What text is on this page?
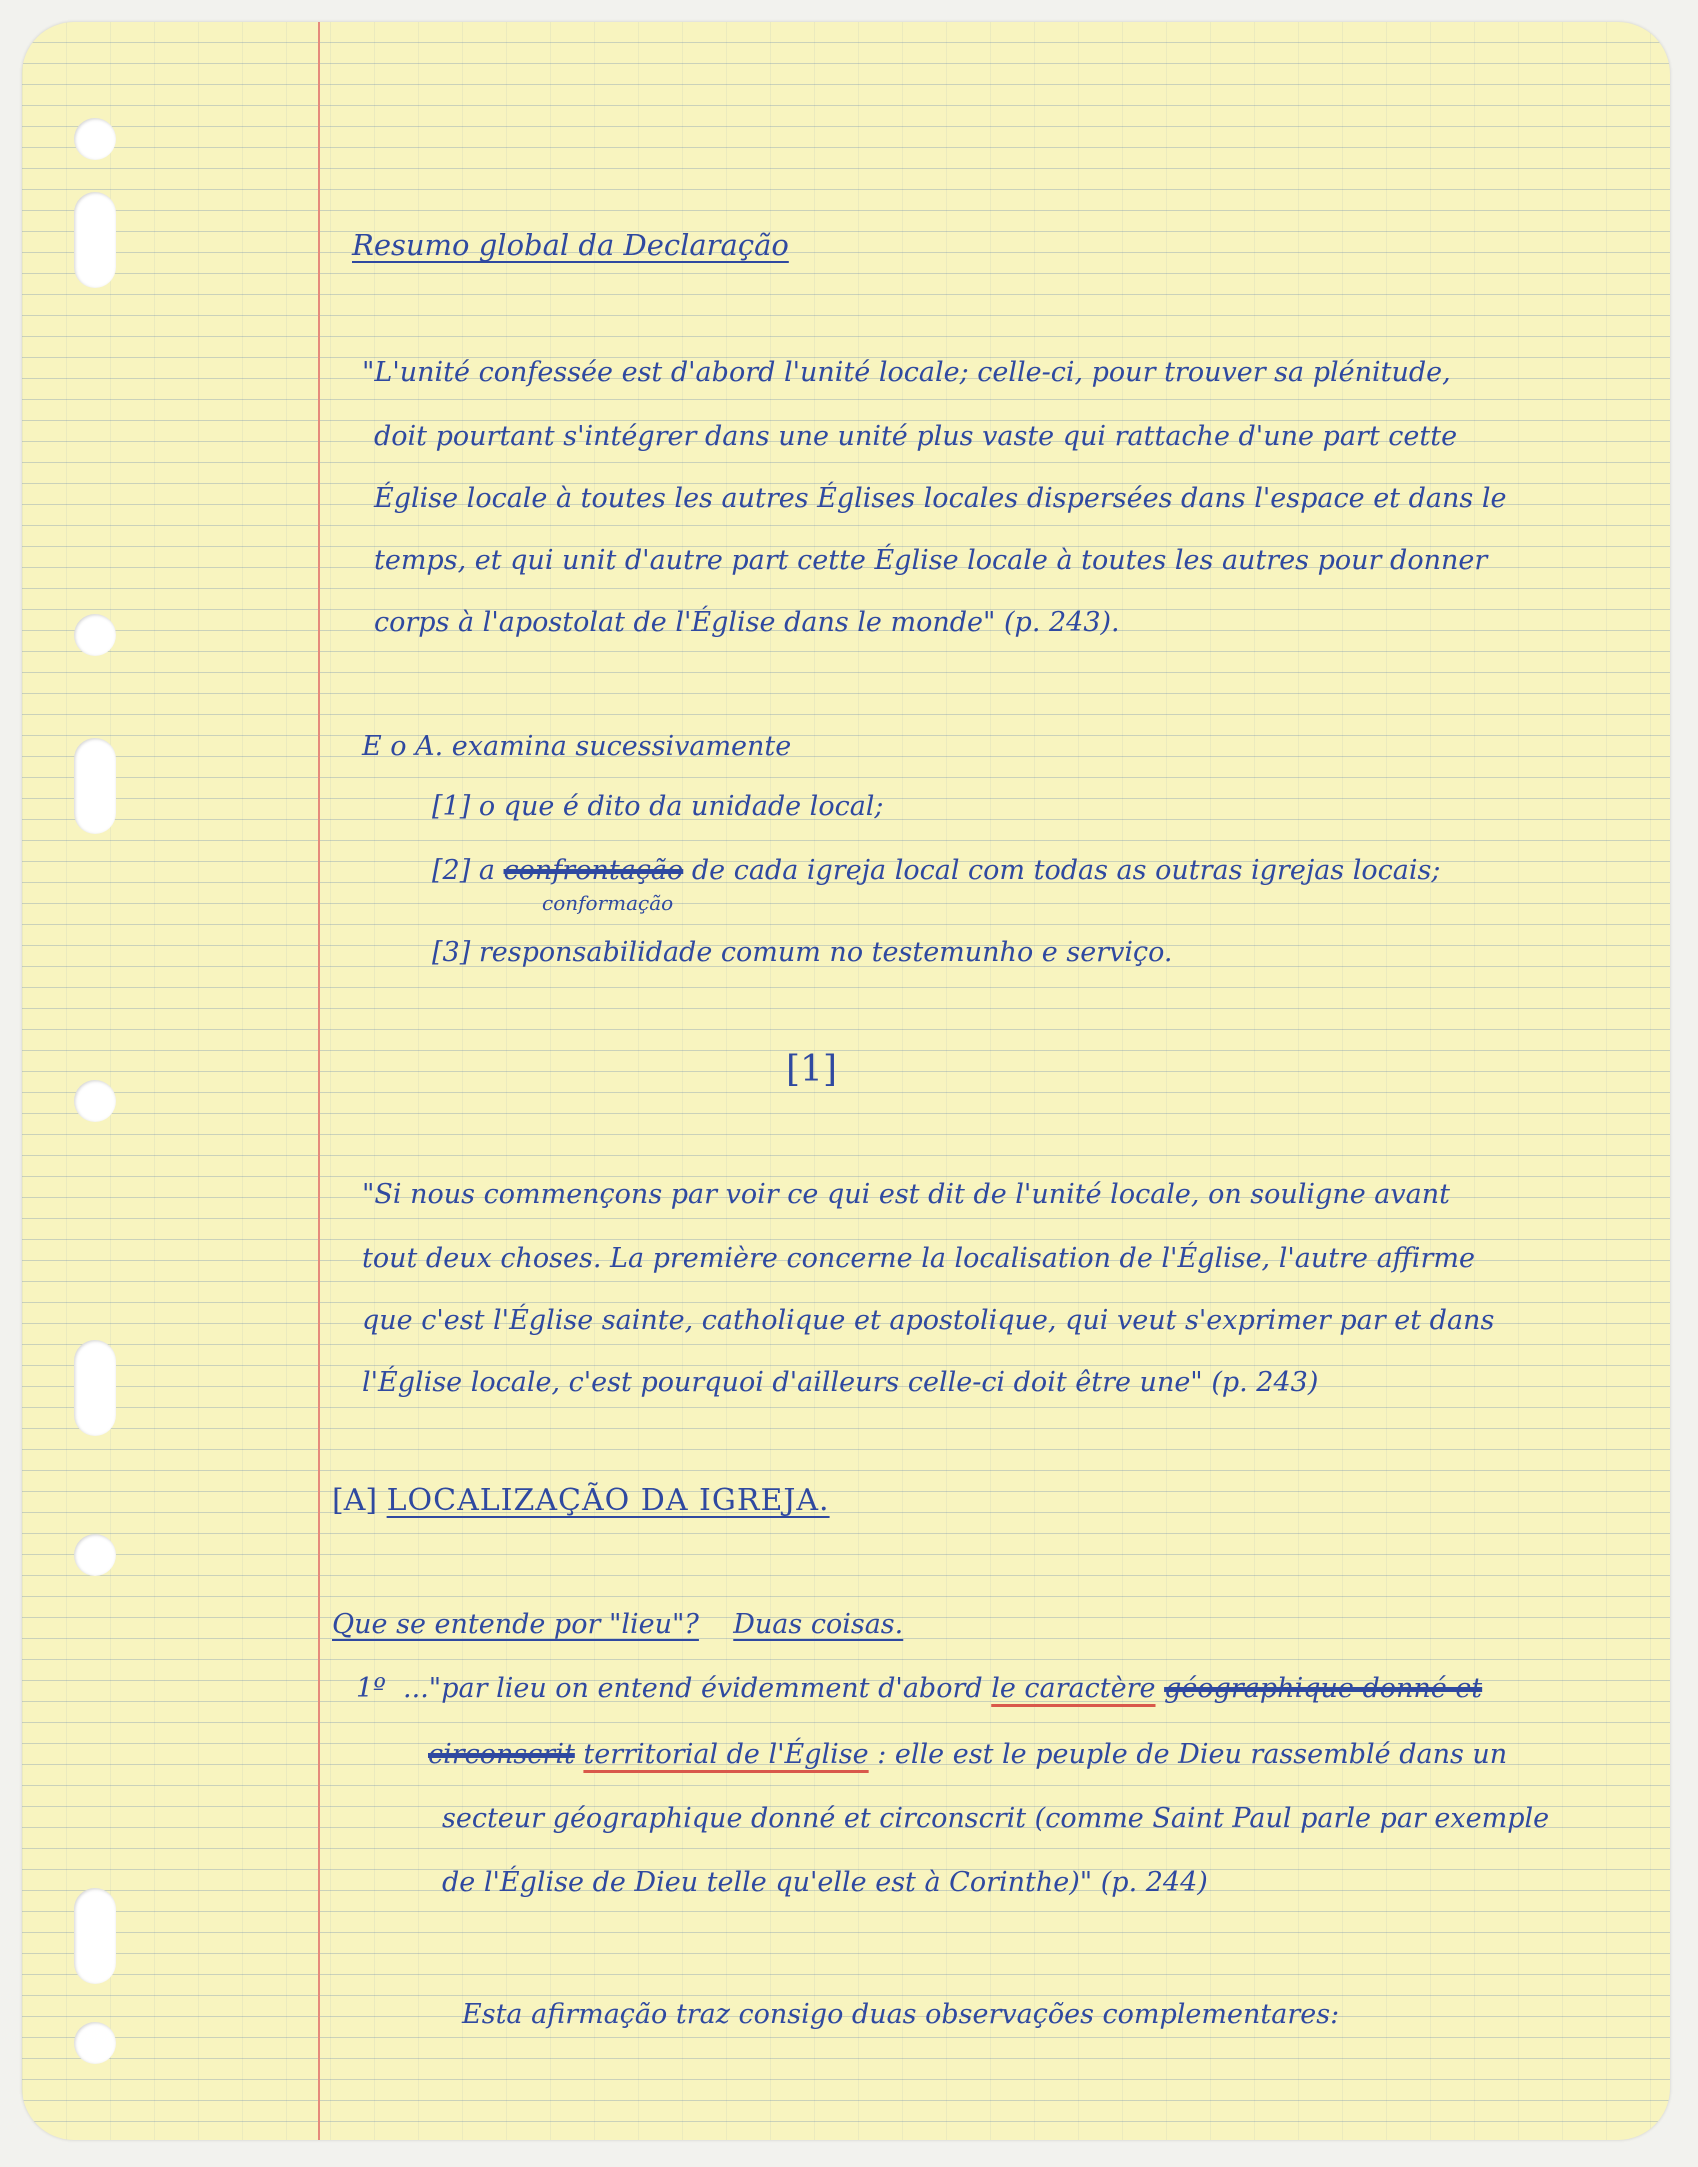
Resumo global da Declaração
"L'unité confessée est d'abord l'unité locale; celle-ci, pour trouver sa plénitude,
doit pourtant s'intégrer dans une unité plus vaste qui rattache d'une part cette
Église locale à toutes les autres Églises locales dispersées dans l'espace et dans le
temps, et qui unit d'autre part cette Église locale à toutes les autres pour donner
corps à l'apostolat de l'Église dans le monde" (p. 243).
E o A. examina sucessivamente
[1] o que é dito da unidade local;
[2] a confrontação de cada igreja local com todas as outras igrejas locais;
conformação
[3] responsabilidade comum no testemunho e serviço.
[1]
"Si nous commençons par voir ce qui est dit de l'unité locale, on souligne avant
tout deux choses. La première concerne la localisation de l'Église, l'autre affirme
que c'est l'Église sainte, catholique et apostolique, qui veut s'exprimer par et dans
l'Église locale, c'est pourquoi d'ailleurs celle-ci doit être une" (p. 243)
[A] LOCALIZAÇÃO DA IGREJA.
Que se entende por "lieu"? Duas coisas.
1º ..."par lieu on entend évidemment d'abord le caractère géographique donné et
circonscrit territorial de l'Église : elle est le peuple de Dieu rassemblé dans un
secteur géographique donné et circonscrit (comme Saint Paul parle par exemple
de l'Église de Dieu telle qu'elle est à Corinthe)" (p. 244)
Esta afirmação traz consigo duas observações complementares:
